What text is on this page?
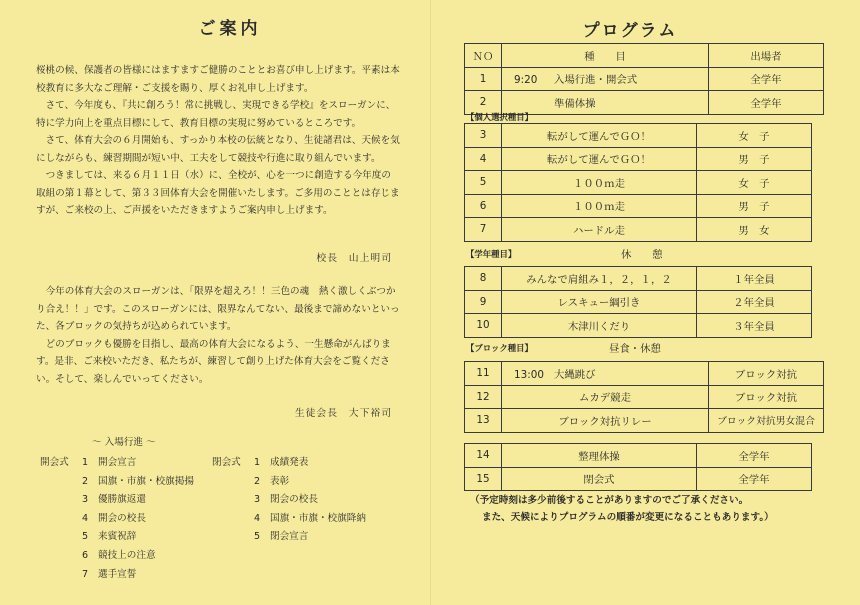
ご案内

桜桃の候、保護者の皆様にはますますご健勝のこととお喜び申し上げます。平素は本校教育に多大なご理解・ご支援を賜り、厚くお礼申し上げます。
　さて、今年度も、『共に創ろう！常に挑戦し、実現できる学校』をスローガンに、特に学力向上を重点目標にして、教育目標の実現に努めているところです。
　さて、体育大会の６月開始も、すっかり本校の伝統となり、生徒諸君は、天候を気にしながらも、練習期間が短い中、工夫をして競技や行進に取り組んでいます。
　つきましては、来る６月１１日（水）に、全校が、心を一つに創造する今年度の取組の第１幕として、第３３回体育大会を開催いたします。ご多用のこととは存じますが、ご来校の上、ご声援をいただきますようご案内申し上げます。

校長　山上明司

　今年の体育大会のスローガンは、「限界を超えろ！！三色の魂　熱く激しくぶつかり合え！！」です。このスローガンには、限界なんてない、最後まで諦めないといった、各ブロックの気持ちが込められています。
　どのブロックも優勝を目指し、最高の体育大会になるよう、一生懸命がんばります。是非、ご来校いただき、私たちが、練習して創り上げた体育大会をご覧ください。そして、楽しんでいってください。

生徒会長　大下裕司
～ 入場行進 ～
開会式	1	開会宣言
2	国旗・市旗・校旗掲揚
3	優勝旗返還
4	開会の校長
5	来賓祝辞
6	競技上の注意
7	選手宣誓
閉会式	1	成績発表
2	表彰
3	閉会の校長
4	国旗・市旗・校旗降納
5	閉会宣言
プログラム
ＮＯ	種　　目	出場者
1	9:20 入場行進・開会式	全学年
2	準備体操	全学年
【個人選択種目】
3	転がして運んでＧＯ！	女　子
4	転がして運んでＧＯ！	男　子
5	１００ｍ走	女　子
6	１００ｍ走	男　子
7	ハードル走	男　女
【学年種目】	休　　憩
8	みんなで肩組み１，２，１，２	１年全員
9	レスキュー綱引き	２年全員
10	木津川くだり	３年全員
【ブロック種目】	昼食・休憩
11	13:00 大縄跳び	ブロック対抗
12	ムカデ競走	ブロック対抗
13	ブロック対抗リレー	ブロック対抗男女混合
14	整理体操	全学年
15	閉会式	全学年
（予定時刻は多少前後することがありますのでご了承ください。
また、天候によりプログラムの順番が変更になることもあります。）
